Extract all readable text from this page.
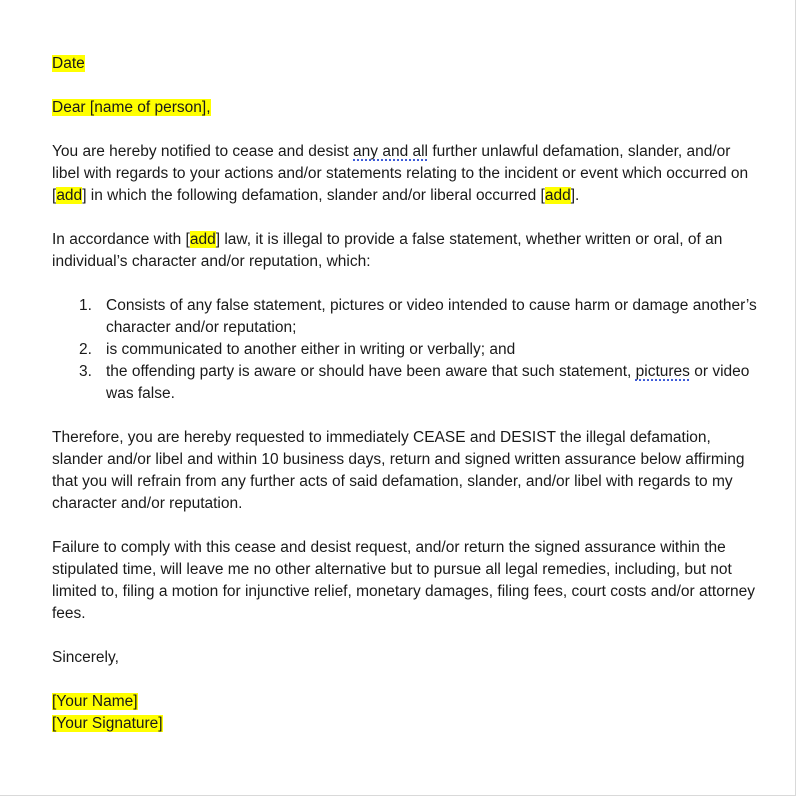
Date

Dear [name of person],

You are hereby notified to cease and desist any and all further unlawful defamation, slander, and/or libel with regards to your actions and/or statements relating to the incident or event which occurred on [add] in which the following defamation, slander and/or liberal occurred [add].

In accordance with [add] law, it is illegal to provide a false statement, whether written or oral, of an individual’s character and/or reputation, which:

1. Consists of any false statement, pictures or video intended to cause harm or damage another’s character and/or reputation;
2. is communicated to another either in writing or verbally; and
3. the offending party is aware or should have been aware that such statement, pictures or video was false.

Therefore, you are hereby requested to immediately CEASE and DESIST the illegal defamation, slander and/or libel and within 10 business days, return and signed written assurance below affirming that you will refrain from any further acts of said defamation, slander, and/or libel with regards to my character and/or reputation.

Failure to comply with this cease and desist request, and/or return the signed assurance within the stipulated time, will leave me no other alternative but to pursue all legal remedies, including, but not limited to, filing a motion for injunctive relief, monetary damages, filing fees, court costs and/or attorney fees.

Sincerely,

[Your Name]

[Your Signature]
